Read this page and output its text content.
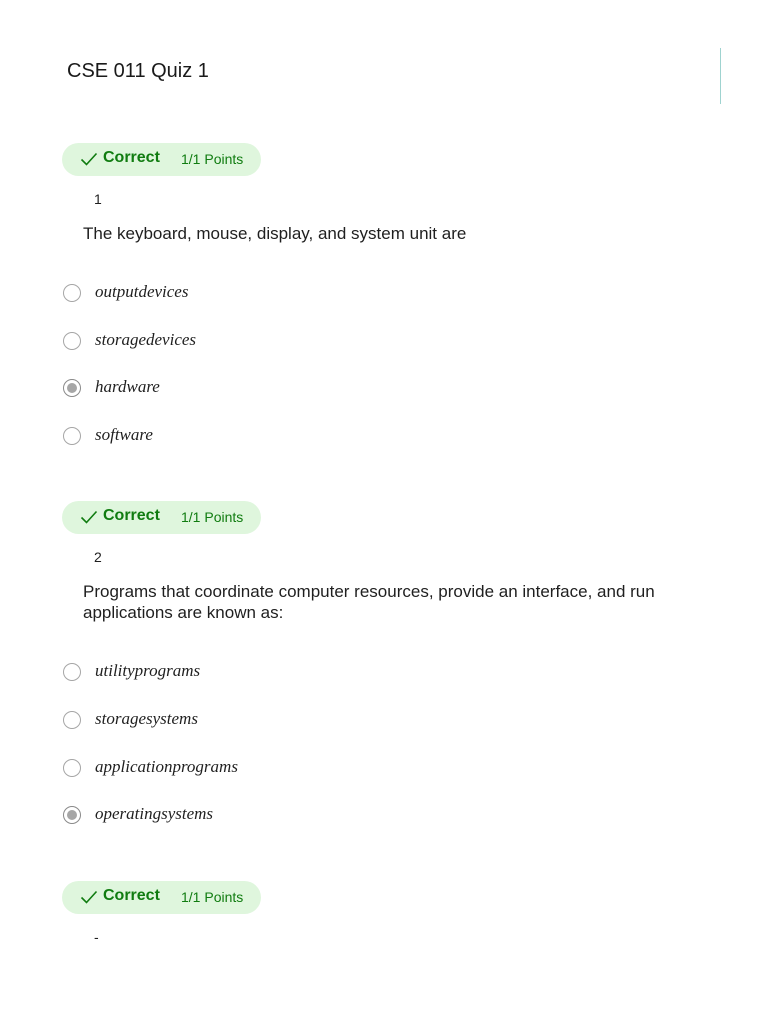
CSE 011 Quiz 1
Correct 1/1 Points
1

The keyboard, mouse, display, and system unit are

outputdevices
storagedevices
hardware
software
Correct 1/1 Points
2

Programs that coordinate computer resources, provide an interface, and run applications are known as:

utilityprograms
storagesystems
applicationprograms
operatingsystems
Correct 1/1 Points
-
